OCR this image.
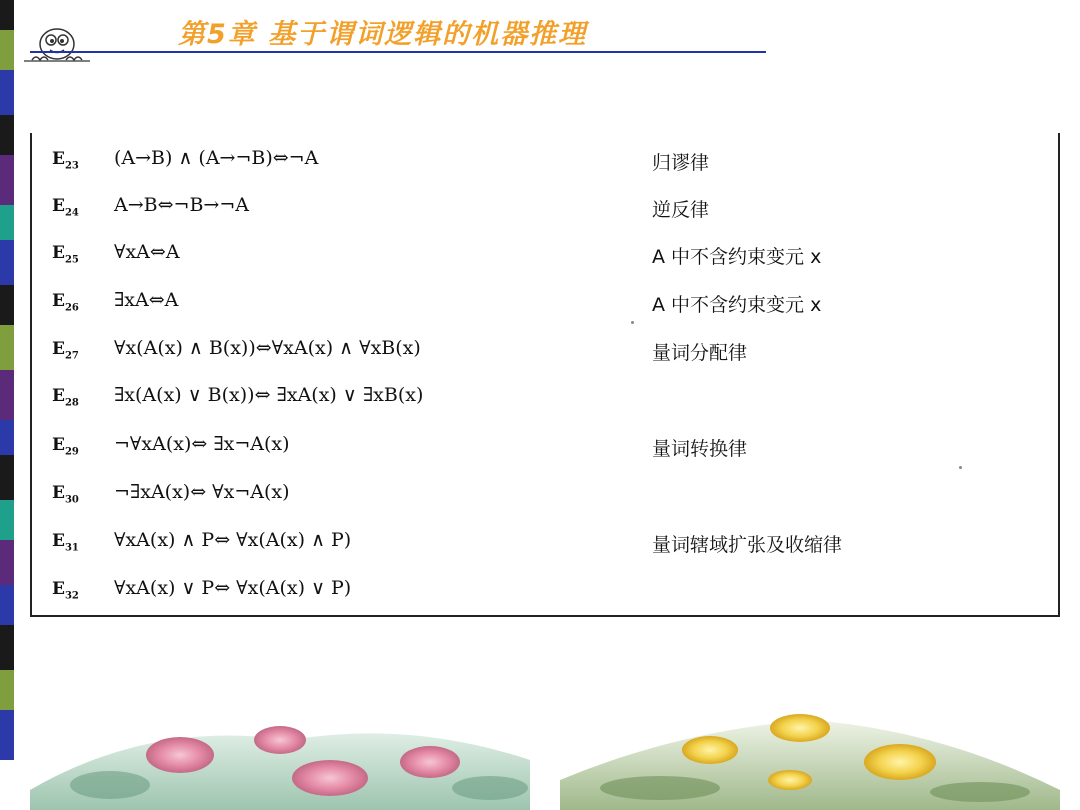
第5章 基于谓词逻辑的机器推理
$E_{23}$ (A→B) ∧ (A→¬B)⇔¬A	归谬律
$E_{24}$ A→B⇔¬B→¬A	逆反律
$E_{25}$ ∀xA⇔A	A 中不含约束变元 x
$E_{26}$ ∃xA⇔A	A 中不含约束变元 x
$E_{27}$ ∀x(A(x) ∧ B(x))⇔∀xA(x) ∧ ∀xB(x)	量词分配律
$E_{28}$ ∃x(A(x) ∨ B(x))⇔ ∃xA(x) ∨ ∃xB(x)
$E_{29}$ ¬∀xA(x)⇔ ∃x¬A(x)	量词转换律
$E_{30}$ ¬∃xA(x)⇔ ∀x¬A(x)
$E_{31}$ ∀xA(x) ∧ P⇔ ∀x(A(x) ∧ P)	量词辖域扩张及收缩律
$E_{32}$ ∀xA(x) ∨ P⇔ ∀x(A(x) ∨ P)
